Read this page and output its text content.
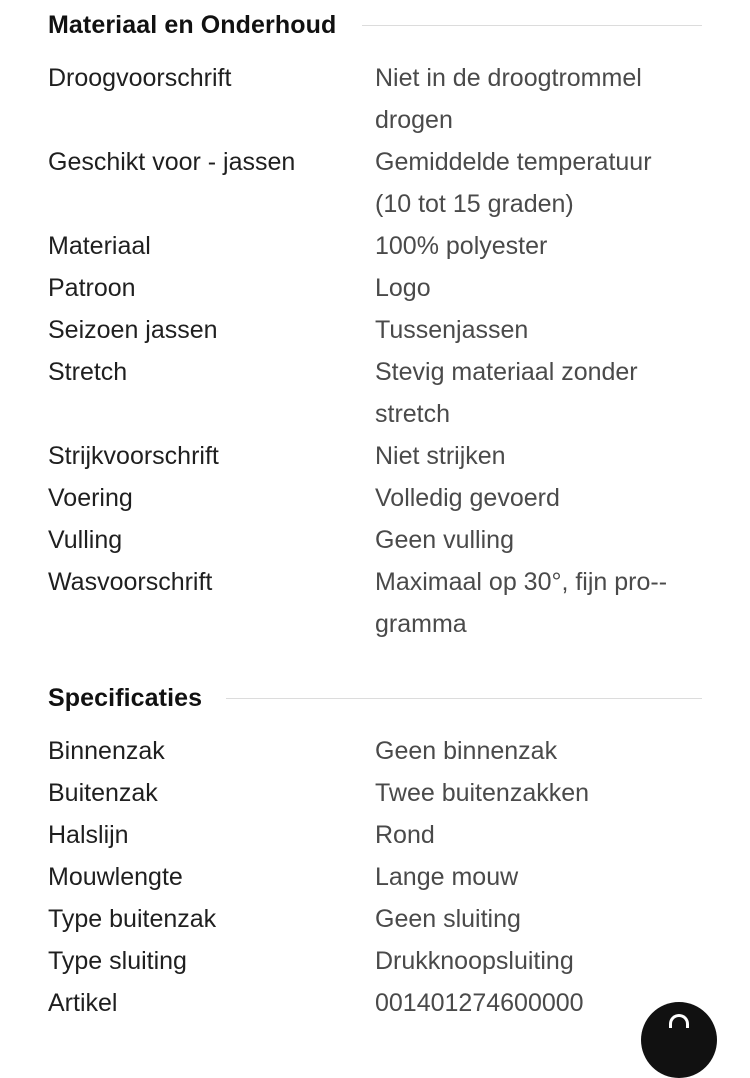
Materiaal en Onderhoud
Droogvoorschrift	Niet in de droogtrommel drogen
Geschikt voor - jassen	Gemiddelde temperatuur (10 tot 15 graden)
Materiaal	100% polyester
Patroon	Logo
Seizoen jassen	Tussenjassen
Stretch	Stevig materiaal zonder stretch
Strijkvoorschrift	Niet strijken
Voering	Volledig gevoerd
Vulling	Geen vulling
Wasvoorschrift	Maximaal op 30°, fijn pro-gramma
Specificaties
Binnenzak	Geen binnenzak
Buitenzak	Twee buitenzakken
Halslijn	Rond
Mouwlengte	Lange mouw
Type buitenzak	Geen sluiting
Type sluiting	Drukknoopsluiting
Artikel	001401274600000
